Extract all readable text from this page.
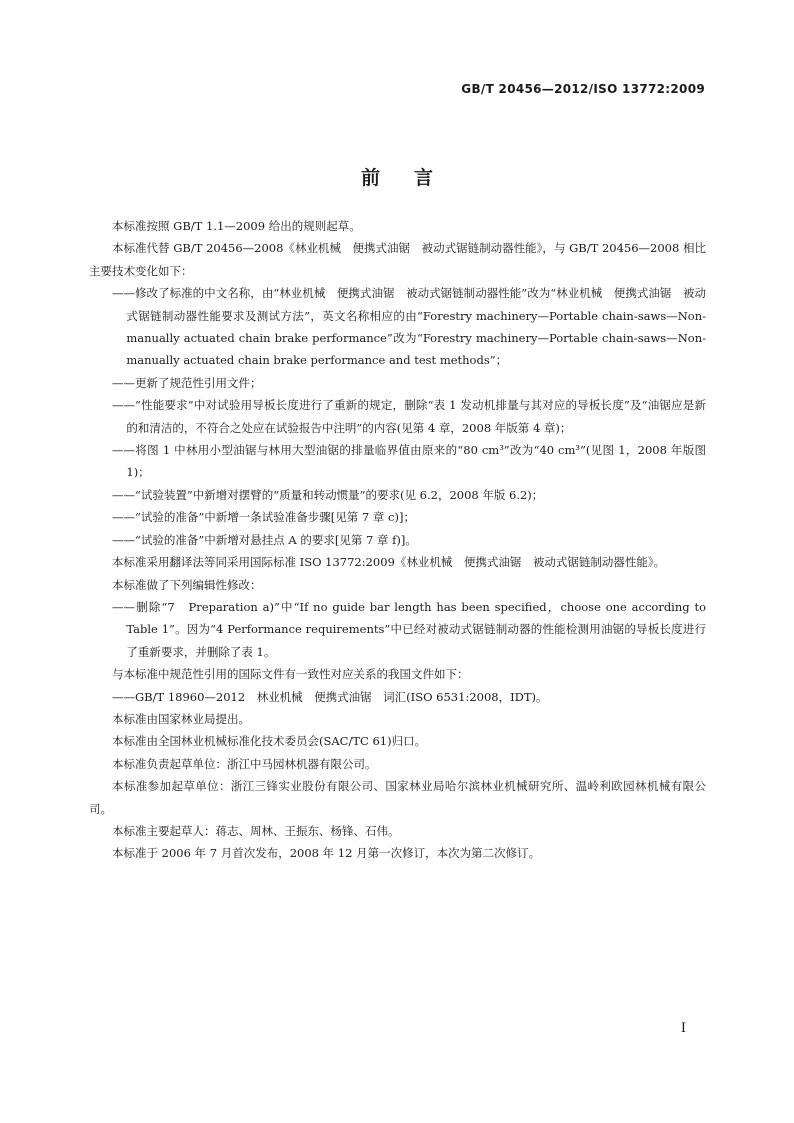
GB/T 20456—2012/ISO 13772:2009
前言

本标准按照 GB/T 1.1—2009 给出的规则起草。

本标准代替 GB/T 20456—2008《林业机械　便携式油锯　被动式锯链制动器性能》，与 GB/T 20456—2008 相比主要技术变化如下：

——修改了标准的中文名称，由“林业机械　便携式油锯　被动式锯链制动器性能”改为“林业机械　便携式油锯　被动式锯链制动器性能要求及测试方法”，英文名称相应的由“Forestry machinery—Portable chain-saws—Non-manually actuated chain brake performance”改为“Forestry machinery—Portable chain-saws—Non-manually actuated chain brake performance and test methods”；

——更新了规范性引用文件；

——“性能要求”中对试验用导板长度进行了重新的规定，删除“表 1 发动机排量与其对应的导板长度”及“油锯应是新的和清洁的，不符合之处应在试验报告中注明”的内容(见第 4 章，2008 年版第 4 章)；

——将图 1 中林用小型油锯与林用大型油锯的排量临界值由原来的“80 cm³”改为“40 cm³”(见图 1，2008 年版图 1)；

——“试验装置”中新增对摆臂的“质量和转动惯量”的要求(见 6.2，2008 年版 6.2)；

——“试验的准备”中新增一条试验准备步骤[见第 7 章 c)]；

——“试验的准备”中新增对悬挂点 A 的要求[见第 7 章 f)]。

本标准采用翻译法等同采用国际标准 ISO 13772:2009《林业机械　便携式油锯　被动式锯链制动器性能》。

本标准做了下列编辑性修改：

——删除“7　Preparation a)”中“If no guide bar length has been specified，choose one according to Table 1”。因为“4 Performance requirements”中已经对被动式锯链制动器的性能检测用油锯的导板长度进行了重新要求，并删除了表 1。

与本标准中规范性引用的国际文件有一致性对应关系的我国文件如下：

——GB/T 18960—2012　林业机械　便携式油锯　词汇(ISO 6531:2008，IDT)。

本标准由国家林业局提出。

本标准由全国林业机械标准化技术委员会(SAC/TC 61)归口。

本标准负责起草单位：浙江中马园林机器有限公司。

本标准参加起草单位：浙江三锋实业股份有限公司、国家林业局哈尔滨林业机械研究所、温岭利欧园林机械有限公司。

本标准主要起草人：蒋志、周林、王振东、杨锋、石伟。

本标准于 2006 年 7 月首次发布，2008 年 12 月第一次修订，本次为第二次修订。

I
